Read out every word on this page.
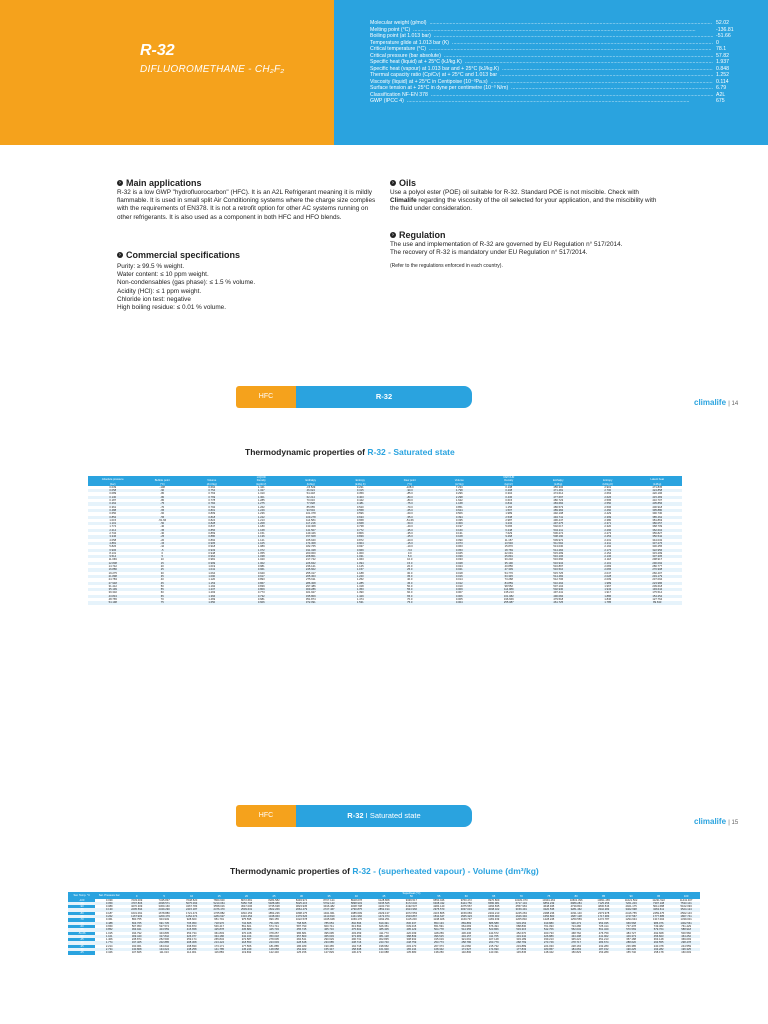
R-32
DIFLUOROMETHANE - CH₂F₂
Molecular weight (g/mol) .....	52.02
Melting point (°C) .....	-136.81
Boiling point (at 1.013 bar) .....	-51.66
Temperature glide at 1.013 bar (K) .....	0
Critical temperature (°C) .....	78.1
Critical pressure (bar absolute) .....	57.82
Specific heat (liquid) at + 25°C (kJ/kg.K) .....	1.937
Specific heat (vapour) at 1.013 bar and + 25°C (kJ/kg.K) .....	0.848
Thermal capacity ratio (Cp/Cv) at + 25°C and 1.013 bar .....	1.252
Viscosity (liquid) at + 25°C in Centipoise (10⁻³Pa.s) .....	0.114
Surface tension at + 25°C in dyne per centimetre (10⁻³ N/m) .....	6.79
Classification NF-EN 378 .....	A2L
GWP (IPCC 4) .....	675
› Main applications

R-32 is a low GWP "hydrofluorocarbon" (HFC). It is an A2L Refrigerant meaning it is mildly flammable. It is used in small split Air Conditioning systems where the charge size complies with the requirements of EN378. It is not a retrofit option for other AC systems running on other refrigerants. It is also used as a component in both HFC and HFO blends.

› Commercial specifications

Purity: ≥ 99.5 % weight.

Water content: ≤ 10 ppm weight.

Non-condensables (gas phase): ≤ 1.5 % volume.

Acidity (HCl): ≤ 1 ppm weight.

Chloride ion test: negative

High boiling residue: ≤ 0.01 % volume.

› Oils

Use a polyol ester (POE) oil suitable for R-32. Standard POE is not miscible. Check with Climalife regarding the viscosity of the oil selected for your application, and the miscibility with the fluid under consideration.

› Regulation

The use and implementation of R-32 are governed by EU Regulation n° 517/2014.
The recovery of R-32 is mandatory under EU Regulation n° 517/2014.

(Refer to the regulations enforced in each country).
HFC	R-32
climalife | 14
Thermodynamic properties of R-32 - Saturated state
Absolute pressure	LIQUID					VAPOUR					Latent heat
	Bubble point	Volume	Density	Enthalpy	Entropy	Dew point	Volume	Density	Enthalpy	Entropy	
(bar)	(°C)	(dm³/kg)	(kg/dm³)	(kJ/kg)	(kJ/kg.K)	(°C)	(m³/kg)	(kg/m³)	(kJ/kg)	(kJ/kg.K)	(kJ/kg)
0.039	-108	0.694	1.441	-15.529	0.231	-108.0	7.233	0.138	456.306	2.901	471.835
0.058	-90	0.754	1.327	46.624	0.315	-90.0	4.798	0.208	471.481	2.700	424.858
0.089	-80	0.763	1.310	54.418	0.359	-85.0	3.296	0.304	474.614	2.663	420.196
0.130	-80	0.769	1.301	62.214	0.403	-80.0	2.298	0.436	477.697	2.626	415.483
0.187	-80	0.778	1.285	70.016	0.442	-80.0	1.622	0.615	480.723	2.595	410.707
0.262	-75	0.784	1.275	77.828	0.481	-75.0	1.168	0.842	483.684	2.550	405.856
0.361	-70	0.792	1.262	85.655	0.520	-70.0	0.851	1.156	486.573	2.506	400.918
0.488	-65	0.801	1.249	93.504	0.558	-65.0	0.624	1.507	489.384	2.460	395.880
0.650	-60	0.809	1.236	101.378	0.596	-60.0	0.506	1.989	492.108	2.429	390.730
0.852	-55	0.818	1.222	109.278	0.633	-55.0	0.394	2.538	494.741	2.399	385.462
1.015	-51.66	0.824	1.213	114.584	0.658	-51.66	0.335	2.987	496.447	2.380	381.863
1.101	-50	0.828	1.208	117.218	0.668	-50.0	0.309	3.232	497.275	2.371	380.057
1.774	-40	0.847	1.180	133.308	0.738	-40.0	0.197	5.065	502.017	2.320	368.709
2.214	-35	0.856	1.168	141.507	0.772	-35.0	0.160	6.248	504.211	2.296	362.604
2.734	-30	0.869	1.151	149.446	0.806	-35.0	0.131	7.629	506.274	2.273	356.827
3.346	-25	0.880	1.136	157.608	0.839	-25.0	0.108	9.268	508.190	2.253	350.542
4.058	-20	0.892	1.121	165.940	0.872	-20.0	0.090	11.157	509.972	2.231	344.032
4.881	-15	0.905	1.105	174.308	0.904	-15.0	0.073	13.546	511.594	2.211	337.276
5.826	-10	0.918	1.089	182.765	0.937	-10.0	0.063	15.870	513.030	2.192	330.255
6.906	-5	0.933	1.072	191.328	0.969	-5.0	0.053	18.769	514.284	2.173	322.956
8.131	0	0.948	1.055	200.000	1.000	0.0	0.045	22.091	515.299	2.154	315.299
9.514	5	0.964	1.038	208.801	1.031	5.0	0.039	25.891	516.106	2.136	307.305
11.069	10	0.981	1.020	217.742	1.063	10.0	0.033	30.232	516.660	2.118	298.917
12.808	15	0.999	1.002	226.842	1.094	15.0	0.028	35.190	516.934	2.101	290.092
14.742	20	1.019	0.981	236.121	1.125	20.0	0.024	40.856	516.897	2.083	280.777
16.886	25	1.041	0.961	245.602	1.157	25.0	0.021	47.339	516.510	2.065	270.908
19.275	30	1.064	0.940	255.317	1.188	30.0	0.018	54.776	515.725	2.047	260.407
21.898	35	1.090	0.917	265.303	1.220	35.0	0.016	63.345	514.482	2.028	249.179
24.783	40	1.120	0.893	275.611	1.252	40.0	0.014	73.268	512.706	2.009	237.094
27.948	45	1.153	0.867	286.308	1.285	45.0	0.012	84.859	510.294	1.989	223.986
31.412	50	1.192	0.839	297.486	1.318	50.0	0.010	98.552	507.104	1.967	209.618
35.199	55	1.237	0.809	309.286	1.353	55.0	0.009	114.989	502.930	1.943	193.644
39.332	60	1.293	0.773	321.927	1.390	60.0	0.007	135.213	497.441	1.917	175.514
43.843	65	1.366	0.732	335.809	1.429	65.0	0.006	161.082	490.084	1.886	154.254
48.765	70	1.469	0.681	351.874	1.474	70.0	0.005	196.669	479.518	1.846	127.764
54.198	75	1.650	0.606	372.091	1.531	75.0	0.004	255.087	461.725	1.785	89.633
HFC	R-32 I Saturated state
climalife | 15
Thermodynamic properties of R-32 - (superheated vapour) - Volume (dm³/kg)
Sat. Temp. °C	Sat. Pressure bar	Superheat (°C)																				
		0	5	10	15	20	25	30	35	40	45	50	55	60	65	70	75	80	85	90	95	100
-100	0.039	7233.009	7435.837	7648.520	7860.600	8072.681	8284.582	8493.974	8707.124	8918.078	9128.868	9339.517	9550.046	9760.472	9970.809	10181.070	10391.263	10601.396	10811.465	11021.502	11231.522	11441.467
-95	0.059	4797.806	4938.571	5075.093	5210.064	5350.708	5488.089	5625.215	5762.143	5898.903	6035.525	6172.032	6308.432	6444.750	6580.981	6717.134	6853.239	6989.284	7125.256	7261.203	7397.108	7533.101
-90	0.089	3270.309	3369.160	3467.783	3558.016	3647.006	3735.638	3823.935	3916.482	4008.708	4100.730	4192.537	4284.140	4375.567	4466.835	4557.963	4648.945	4739.804	4830.546	4921.175	5011.688	5102.093
-85	0.130	2295.594	2349.290	2415.187	2476.470	2539.631	2602.269	2664.479	2727.467	2790.875	2852.194	2913.966	2975.570	3037.019	3098.322	3159.491	3220.535	3281.462	3342.282	3402.998	3463.611	3524.124
-80	0.187	1631.091	1678.880	1721.474	1765.882	1810.153	1854.236	1898.175	1941.961	1985.609	2029.137	2072.553	2115.865	2159.083	2202.213	2245.263	2288.236	2331.140	2373.978	2416.755	2459.475	2502.143
-75	0.262	1167.903	1209.479	1252.074	1284.627	1316.452	1348.063	1379.526	1410.810	1441.960	1472.974	1503.867	1534.647	1565.323	1595.903	1626.394	1656.800	1687.128	1717.383	1747.567	1777.685	1807.741
-70	0.361	860.755	904.949	928.600	951.791	975.595	999.155	1022.578	1045.948	1069.170	1092.251	1115.200	1138.026	1160.737	1183.339	1205.840	1228.245	1250.559	1272.787	1294.934	1317.004	1339.001
-65	0.488	663.765	691.735	705.950	718.976	734.665	751.635	768.665	785.653	802.596	819.491	836.337	853.133	869.883	886.588	903.253	919.880	936.473	953.035	969.568	986.076	1002.561
-60	0.650	507.953	527.574	533.873	546.417	561.601	574.741	587.790	600.741	613.594	626.351	639.015	651.591	664.083	676.494	688.830	701.093	713.286	725.414	737.478	749.482	761.429
-55	0.852	393.941	404.559	415.658	425.878	435.880	445.703	455.745	465.716	475.602	485.405	495.129	504.778	514.355	523.866	533.315	542.706	552.043	561.329	570.569	579.764	588.918
-51.66	1.015	334.792	343.805	353.734	361.803	370.108	378.257	386.681	395.095	403.459	411.773	420.039	428.259	436.436	444.572	452.670	460.733	468.762	476.759	484.727	492.668	500.582
-50	1.101	309.440	317.842	326.077	334.186	342.164	350.018	357.800	365.603	373.383	381.128	388.839	396.515	404.157	411.765	419.342	426.889	434.408	441.902	449.373	456.823	464.252
-45	1.406	245.874	252.506	259.174	265.834	272.587	278.605	284.541	290.629	296.731	302.835	308.932	315.019	321.091	327.148	333.189	339.213	345.221	351.213	357.188	363.148	369.093
-40	1.774	197.405	202.885	208.308	213.424	218.553	223.603	228.648	233.685	238.716	243.740	248.759	253.773	258.780	263.779	268.769	273.749	278.717	283.674	288.620	293.555	298.478
-35	2.214	160.061	164.642	168.830	173.171	177.566	181.885	186.189	190.465	194.718	198.952	203.170	207.373	211.560	215.732	219.889	224.033	228.163	232.280	236.385	240.478	244.559
-30	2.734	130.808	134.624	138.258	141.785	145.249	148.658	152.022	155.347	158.638	161.900	165.134	168.342	171.527	174.690	177.833	180.957	184.063	187.152	190.225	193.282	196.325
-25	3.346	107.825	111.013	114.001	116.883	119.692	122.446	125.156	127.829	130.472	133.088	135.680	138.250	140.800	143.331	145.845	148.342	150.823	153.289	155.740	158.178	160.603
